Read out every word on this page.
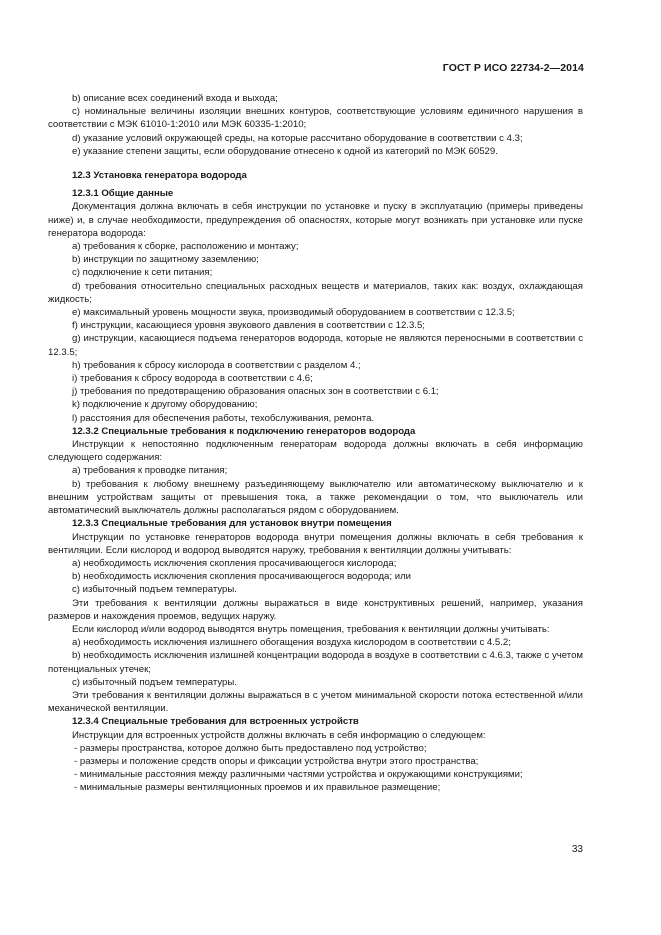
ГОСТ Р ИСО 22734-2—2014

b) описание всех соединений входа и выхода;

c) номинальные величины изоляции внешних контуров, соответствующие условиям единичного нарушения в соответствии с МЭК 61010-1:2010 или МЭК 60335-1:2010;

d) указание условий окружающей среды, на которые рассчитано оборудование в соответствии с 4.3;

e) указание степени защиты, если оборудование отнесено к одной из категорий по МЭК 60529.

12.3 Установка генератора водорода

12.3.1 Общие данные

Документация должна включать в себя инструкции по установке и пуску в эксплуатацию (примеры приведены ниже) и, в случае необходимости, предупреждения об опасностях, которые могут возникать при установке или пуске генератора водорода:

a) требования к сборке, расположению и монтажу;

b) инструкции по защитному заземлению;

c) подключение к сети питания;

d) требования относительно специальных расходных веществ и материалов, таких как: воздух, охлаждающая жидкость;

e) максимальный уровень мощности звука, производимый оборудованием в соответствии с 12.3.5;

f) инструкции, касающиеся уровня звукового давления в соответствии с 12.3.5;

g) инструкции, касающиеся подъема генераторов водорода, которые не являются переносными в соответствии с 12.3.5;

h) требования к сбросу кислорода в соответствии с разделом 4.;

i) требования к сбросу водорода в соответствии с 4.6;

j) требования по предотвращению образования опасных зон в соответствии с 6.1;

k) подключение к другому оборудованию;

l) расстояния для обеспечения работы, техобслуживания, ремонта.

12.3.2 Специальные требования к подключению генераторов водорода

Инструкции к непостоянно подключенным генераторам водорода должны включать в себя информацию следующего содержания:

a) требования к проводке питания;

b) требования к любому внешнему разъединяющему выключателю или автоматическому выключателю и к внешним устройствам защиты от превышения тока, а также рекомендации о том, что выключатель или автоматический выключатель должны располагаться рядом с оборудованием.

12.3.3 Специальные требования для установок внутри помещения

Инструкции по установке генераторов водорода внутри помещения должны включать в себя требования к вентиляции. Если кислород и водород выводятся наружу, требования к вентиляции должны учитывать:

a) необходимость исключения скопления просачивающегося кислорода;

b) необходимость исключения скопления просачивающегося водорода; или

c) избыточный подъем температуры.

Эти требования к вентиляции должны выражаться в виде конструктивных решений, например, указания размеров и нахождения проемов, ведущих наружу.

Если кислород и/или водород выводятся внутрь помещения, требования к вентиляции должны учитывать:

a) необходимость исключения излишнего обогащения воздуха кислородом в соответствии с 4.5.2;

b) необходимость исключения излишней концентрации водорода в воздухе в соответствии с 4.6.3, также с учетом потенциальных утечек;

c) избыточный подъем температуры.

Эти требования к вентиляции должны выражаться в с учетом минимальной скорости потока естественной и/или механической вентиляции.

12.3.4 Специальные требования для встроенных устройств

Инструкции для встроенных устройств должны включать в себя информацию о следующем:

- размеры пространства, которое должно быть предоставлено под устройство;

- размеры и положение средств опоры и фиксации устройства внутри этого пространства;

- минимальные расстояния между различными частями устройства и окружающими конструкциями;

- минимальные размеры вентиляционных проемов и их правильное размещение;

33
